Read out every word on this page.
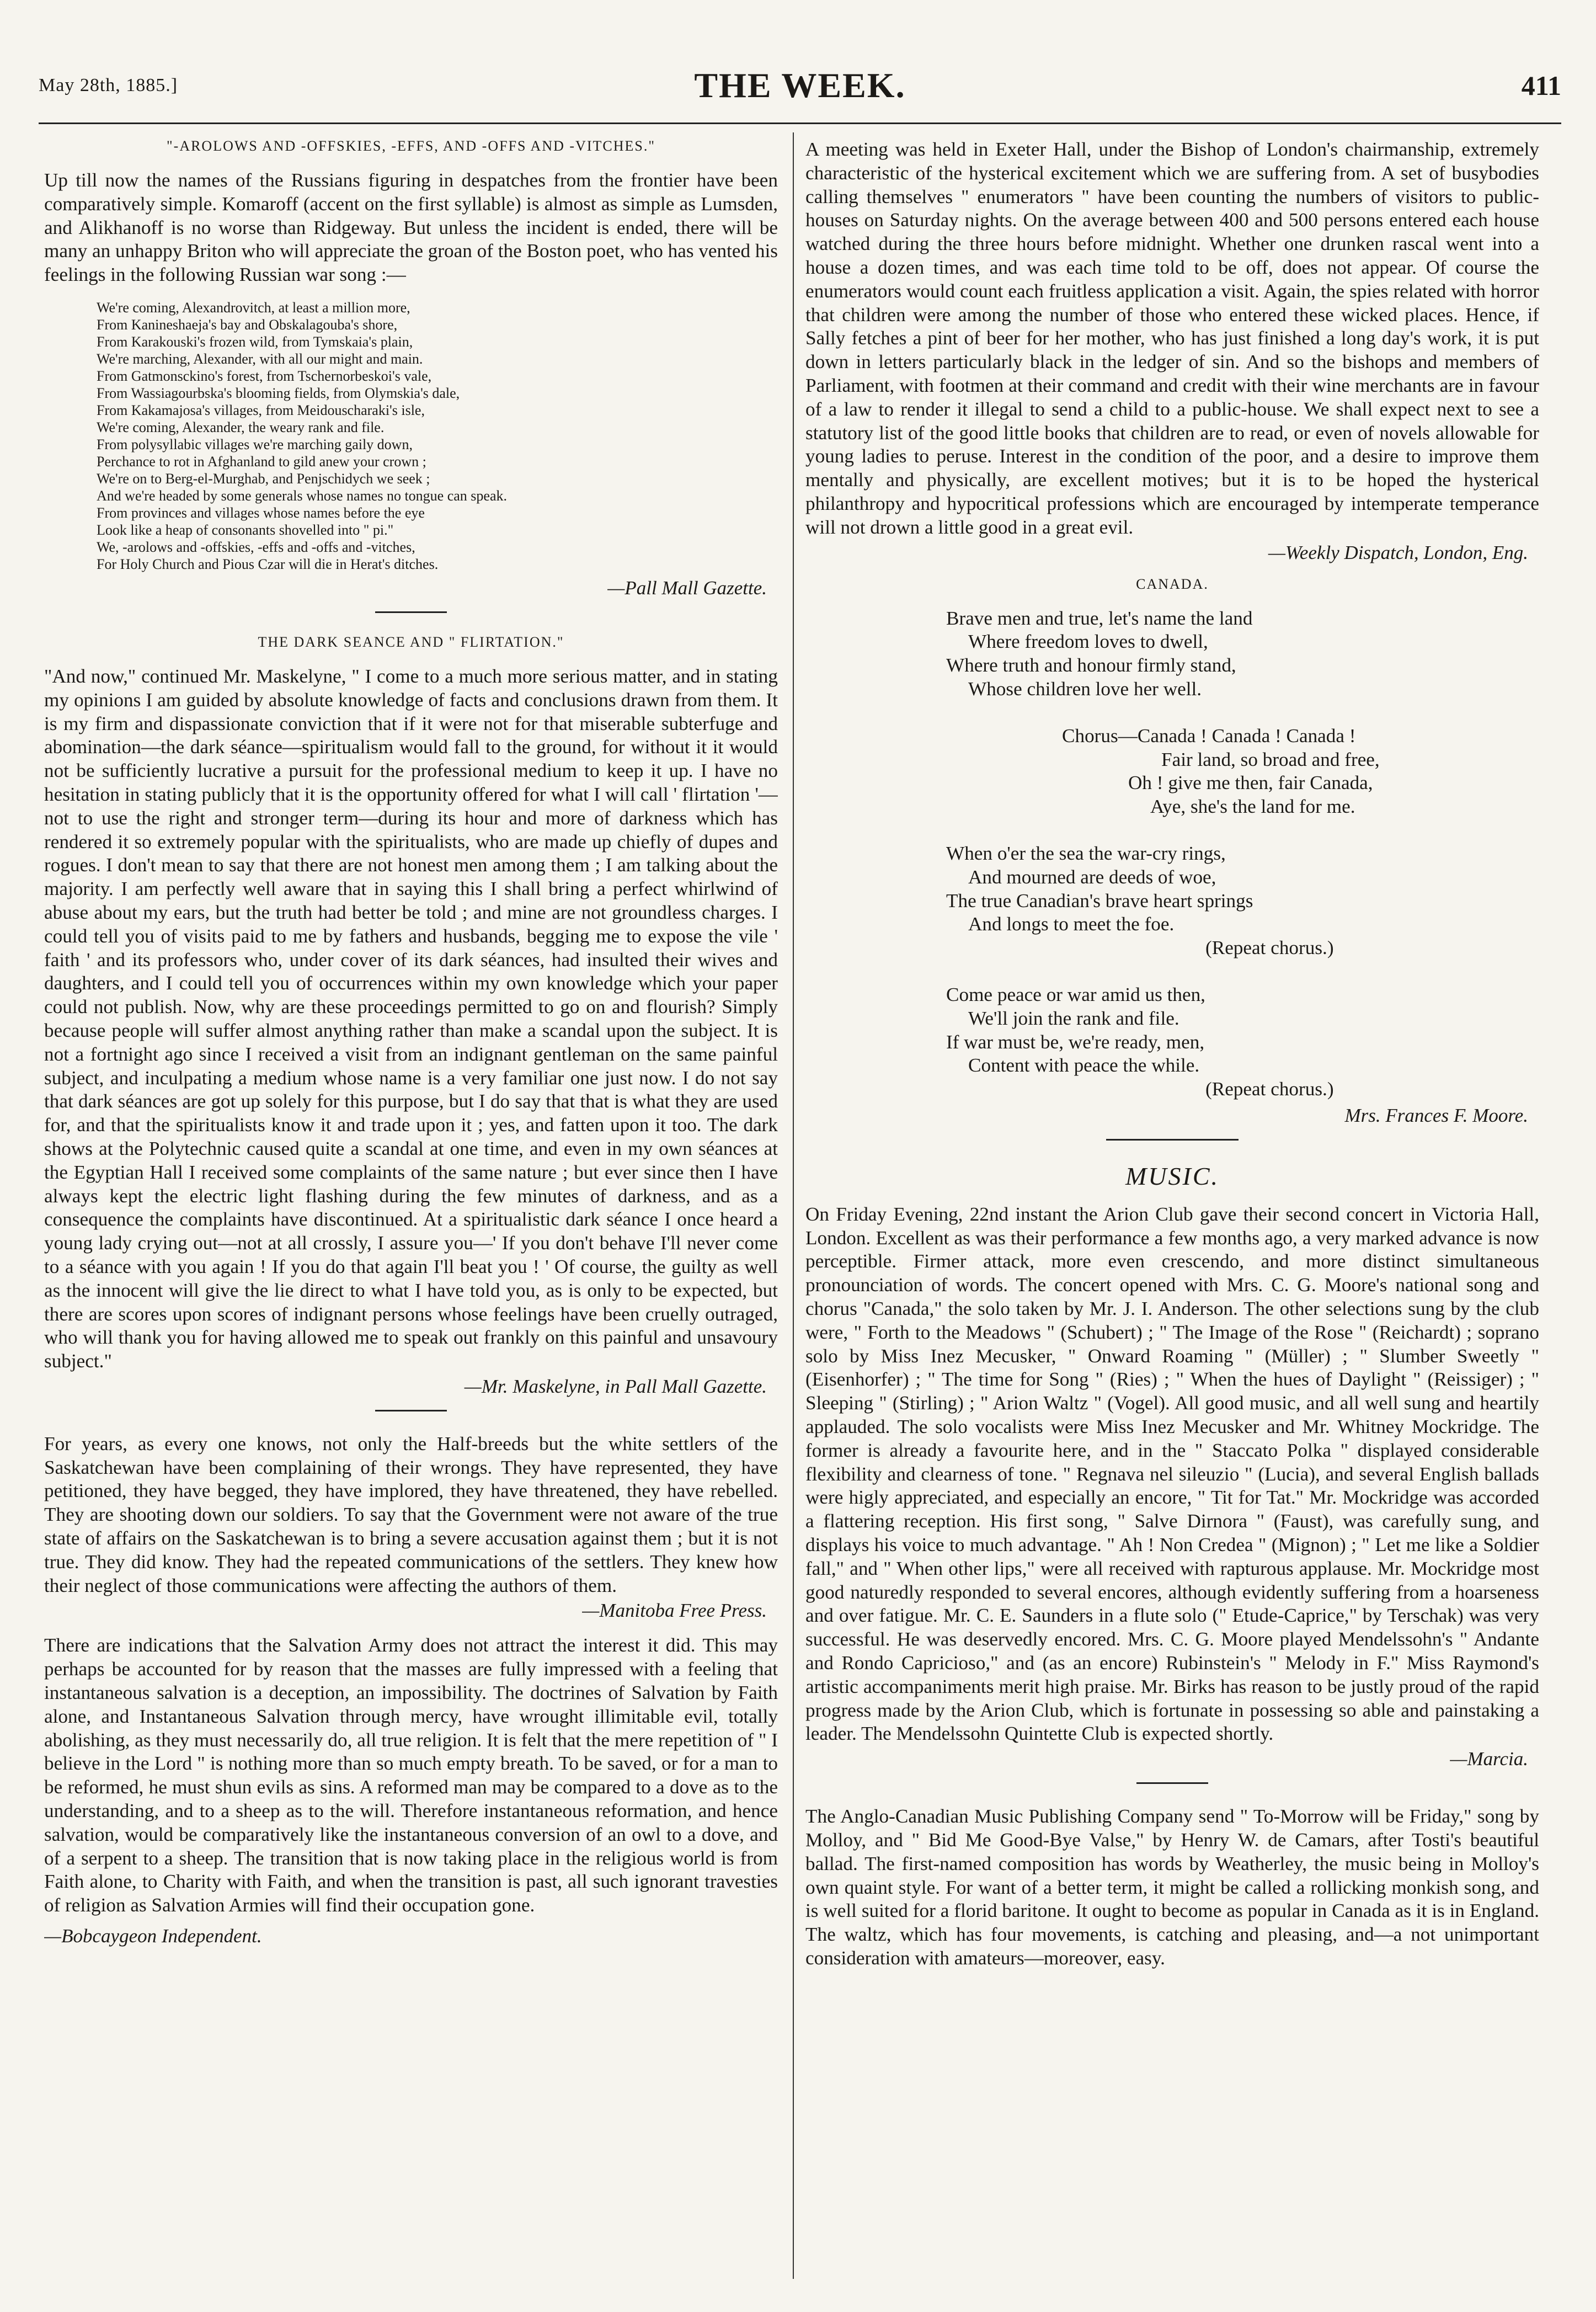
May 28th, 1885.]	THE WEEK.	411
"-AROLOWS AND -OFFSKIES, -EFFS, AND -OFFS AND -VITCHES."

Up till now the names of the Russians figuring in despatches from the frontier have been comparatively simple. Komaroff (accent on the first syllable) is almost as simple as Lumsden, and Alikhanoff is no worse than Ridgeway. But unless the incident is ended, there will be many an unhappy Briton who will appreciate the groan of the Boston poet, who has vented his feelings in the following Russian war song :—

We're coming, Alexandrovitch, at least a million more,
From Kanineshaeja's bay and Obskalagouba's shore,
From Karakouski's frozen wild, from Tymskaia's plain,
We're marching, Alexander, with all our might and main.
From Gatmonsckino's forest, from Tschernorbeskoi's vale,
From Wassiagourbska's blooming fields, from Olymskia's dale,
From Kakamajosa's villages, from Meidouscharaki's isle,
We're coming, Alexander, the weary rank and file.
From polysyllabic villages we're marching gaily down,
Perchance to rot in Afghanland to gild anew your crown ;
We're on to Berg-el-Murghab, and Penjschidych we seek ;
And we're headed by some generals whose names no tongue can speak.
From provinces and villages whose names before the eye
Look like a heap of consonants shovelled into " pi."
We, -arolows and -offskies, -effs and -offs and -vitches,
For Holy Church and Pious Czar will die in Herat's ditches.
—Pall Mall Gazette.
THE DARK SEANCE AND " FLIRTATION."

"And now," continued Mr. Maskelyne, " I come to a much more serious matter, and in stating my opinions I am guided by absolute knowledge of facts and conclusions drawn from them. It is my firm and dispassionate conviction that if it were not for that miserable subterfuge and abomination—the dark séance—spiritualism would fall to the ground, for without it it would not be sufficiently lucrative a pursuit for the professional medium to keep it up. I have no hesitation in stating publicly that it is the opportunity offered for what I will call ' flirtation '—not to use the right and stronger term—during its hour and more of darkness which has rendered it so extremely popular with the spiritualists, who are made up chiefly of dupes and rogues. I don't mean to say that there are not honest men among them ; I am talking about the majority. I am perfectly well aware that in saying this I shall bring a perfect whirlwind of abuse about my ears, but the truth had better be told ; and mine are not groundless charges. I could tell you of visits paid to me by fathers and husbands, begging me to expose the vile ' faith ' and its professors who, under cover of its dark séances, had insulted their wives and daughters, and I could tell you of occurrences within my own knowledge which your paper could not publish. Now, why are these proceedings permitted to go on and flourish? Simply because people will suffer almost anything rather than make a scandal upon the subject. It is not a fortnight ago since I received a visit from an indignant gentleman on the same painful subject, and inculpating a medium whose name is a very familiar one just now. I do not say that dark séances are got up solely for this purpose, but I do say that that is what they are used for, and that the spiritualists know it and trade upon it ; yes, and fatten upon it too. The dark shows at the Polytechnic caused quite a scandal at one time, and even in my own séances at the Egyptian Hall I received some complaints of the same nature ; but ever since then I have always kept the electric light flashing during the few minutes of darkness, and as a consequence the complaints have discontinued. At a spiritualistic dark séance I once heard a young lady crying out—not at all crossly, I assure you—' If you don't behave I'll never come to a séance with you again ! If you do that again I'll beat you ! ' Of course, the guilty as well as the innocent will give the lie direct to what I have told you, as is only to be expected, but there are scores upon scores of indignant persons whose feelings have been cruelly outraged, who will thank you for having allowed me to speak out frankly on this painful and unsavoury subject."

—Mr. Maskelyne, in Pall Mall Gazette.

For years, as every one knows, not only the Half-breeds but the white settlers of the Saskatchewan have been complaining of their wrongs. They have represented, they have petitioned, they have begged, they have implored, they have threatened, they have rebelled. They are shooting down our soldiers. To say that the Government were not aware of the true state of affairs on the Saskatchewan is to bring a severe accusation against them ; but it is not true. They did know. They had the repeated communications of the settlers. They knew how their neglect of those communications were affecting the authors of them.

—Manitoba Free Press.

There are indications that the Salvation Army does not attract the interest it did. This may perhaps be accounted for by reason that the masses are fully impressed with a feeling that instantaneous salvation is a deception, an impossibility. The doctrines of Salvation by Faith alone, and Instantaneous Salvation through mercy, have wrought illimitable evil, totally abolishing, as they must necessarily do, all true religion. It is felt that the mere repetition of " I believe in the Lord " is nothing more than so much empty breath. To be saved, or for a man to be reformed, he must shun evils as sins. A reformed man may be compared to a dove as to the understanding, and to a sheep as to the will. Therefore instantaneous reformation, and hence salvation, would be comparatively like the instantaneous conversion of an owl to a dove, and of a serpent to a sheep. The transition that is now taking place in the religious world is from Faith alone, to Charity with Faith, and when the transition is past, all such ignorant travesties of religion as Salvation Armies will find their occupation gone.

—Bobcaygeon Independent.

A meeting was held in Exeter Hall, under the Bishop of London's chairmanship, extremely characteristic of the hysterical excitement which we are suffering from. A set of busybodies calling themselves " enumerators " have been counting the numbers of visitors to public-houses on Saturday nights. On the average between 400 and 500 persons entered each house watched during the three hours before midnight. Whether one drunken rascal went into a house a dozen times, and was each time told to be off, does not appear. Of course the enumerators would count each fruitless application a visit. Again, the spies related with horror that children were among the number of those who entered these wicked places. Hence, if Sally fetches a pint of beer for her mother, who has just finished a long day's work, it is put down in letters particularly black in the ledger of sin. And so the bishops and members of Parliament, with footmen at their command and credit with their wine merchants are in favour of a law to render it illegal to send a child to a public-house. We shall expect next to see a statutory list of the good little books that children are to read, or even of novels allowable for young ladies to peruse. Interest in the condition of the poor, and a desire to improve them mentally and physically, are excellent motives; but it is to be hoped the hysterical philanthropy and hypocritical professions which are encouraged by intemperate temperance will not drown a little good in a great evil.

—Weekly Dispatch, London, Eng.
CANADA.
Brave men and true, let's name the land
Where freedom loves to dwell,
Where truth and honour firmly stand,
Whose children love her well.
Chorus—Canada ! Canada ! Canada !
Fair land, so broad and free,
Oh ! give me then, fair Canada,
Aye, she's the land for me.
When o'er the sea the war-cry rings,
And mourned are deeds of woe,
The true Canadian's brave heart springs
And longs to meet the foe.
(Repeat chorus.)
Come peace or war amid us then,
We'll join the rank and file.
If war must be, we're ready, men,
Content with peace the while.
(Repeat chorus.)
Mrs. Frances F. Moore.
MUSIC.

On Friday Evening, 22nd instant the Arion Club gave their second concert in Victoria Hall, London. Excellent as was their performance a few months ago, a very marked advance is now perceptible. Firmer attack, more even crescendo, and more distinct simultaneous pronounciation of words. The concert opened with Mrs. C. G. Moore's national song and chorus "Canada," the solo taken by Mr. J. I. Anderson. The other selections sung by the club were, " Forth to the Meadows " (Schubert) ; " The Image of the Rose " (Reichardt) ; soprano solo by Miss Inez Mecusker, " Onward Roaming " (Müller) ; " Slumber Sweetly " (Eisenhorfer) ; " The time for Song " (Ries) ; " When the hues of Daylight " (Reissiger) ; " Sleeping " (Stirling) ; " Arion Waltz " (Vogel). All good music, and all well sung and heartily applauded. The solo vocalists were Miss Inez Mecusker and Mr. Whitney Mockridge. The former is already a favourite here, and in the " Staccato Polka " displayed considerable flexibility and clearness of tone. " Regnava nel sileuzio " (Lucia), and several English ballads were higly appreciated, and especially an encore, " Tit for Tat." Mr. Mockridge was accorded a flattering reception. His first song, " Salve Dirnora " (Faust), was carefully sung, and displays his voice to much advantage. " Ah ! Non Credea " (Mignon) ; " Let me like a Soldier fall," and " When other lips," were all received with rapturous applause. Mr. Mockridge most good naturedly responded to several encores, although evidently suffering from a hoarseness and over fatigue. Mr. C. E. Saunders in a flute solo (" Etude-Caprice," by Terschak) was very successful. He was deservedly encored. Mrs. C. G. Moore played Mendelssohn's " Andante and Rondo Capricioso," and (as an encore) Rubinstein's " Melody in F." Miss Raymond's artistic accompaniments merit high praise. Mr. Birks has reason to be justly proud of the rapid progress made by the Arion Club, which is fortunate in possessing so able and painstaking a leader. The Mendelssohn Quintette Club is expected shortly.

—Marcia.

The Anglo-Canadian Music Publishing Company send " To-Morrow will be Friday," song by Molloy, and " Bid Me Good-Bye Valse," by Henry W. de Camars, after Tosti's beautiful ballad. The first-named composition has words by Weatherley, the music being in Molloy's own quaint style. For want of a better term, it might be called a rollicking monkish song, and is well suited for a florid baritone. It ought to become as popular in Canada as it is in England. The waltz, which has four movements, is catching and pleasing, and—a not unimportant consideration with amateurs—moreover, easy.
